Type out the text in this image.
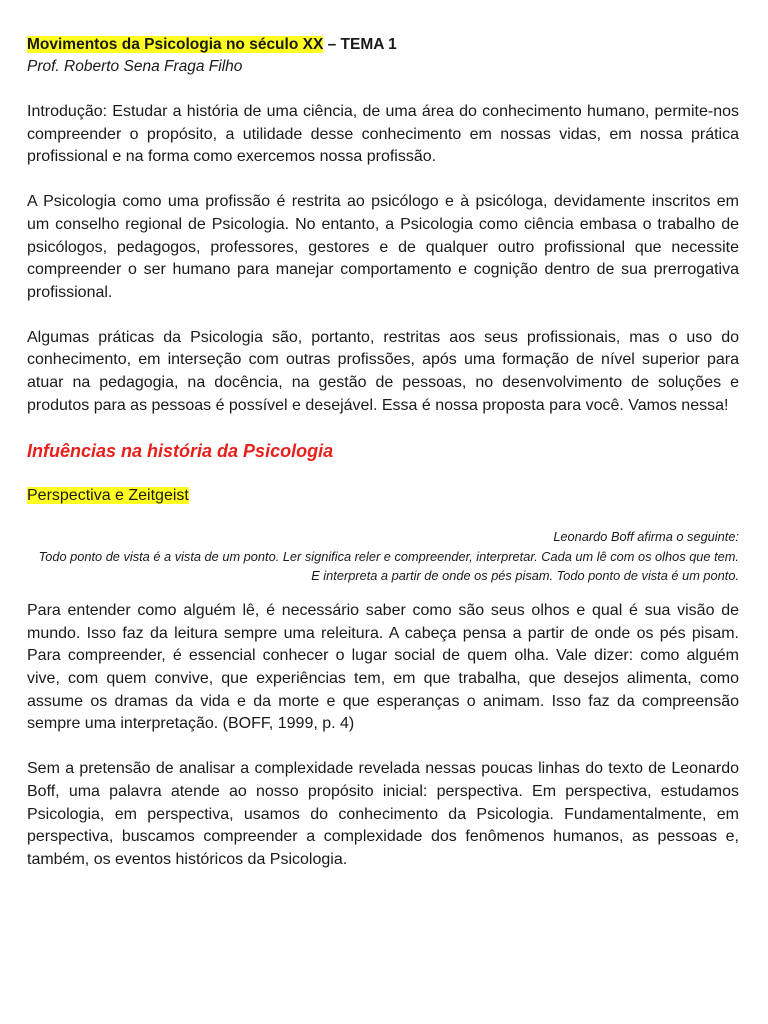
Movimentos da Psicologia no século XX – TEMA 1

Prof. Roberto Sena Fraga Filho

Introdução: Estudar a história de uma ciência, de uma área do conhecimento humano, permite-nos compreender o propósito, a utilidade desse conhecimento em nossas vidas, em nossa prática profissional e na forma como exercemos nossa profissão.

A Psicologia como uma profissão é restrita ao psicólogo e à psicóloga, devidamente inscritos em um conselho regional de Psicologia. No entanto, a Psicologia como ciência embasa o trabalho de psicólogos, pedagogos, professores, gestores e de qualquer outro profissional que necessite compreender o ser humano para manejar comportamento e cognição dentro de sua prerrogativa profissional.

Algumas práticas da Psicologia são, portanto, restritas aos seus profissionais, mas o uso do conhecimento, em interseção com outras profissões, após uma formação de nível superior para atuar na pedagogia, na docência, na gestão de pessoas, no desenvolvimento de soluções e produtos para as pessoas é possível e desejável. Essa é nossa proposta para você. Vamos nessa!

Infuências na história da Psicologia

Perspectiva e Zeitgeist

Leonardo Boff afirma o seguinte:

Todo ponto de vista é a vista de um ponto. Ler significa reler e compreender, interpretar. Cada um lê com os olhos que tem. E interpreta a partir de onde os pés pisam. Todo ponto de vista é um ponto.

Para entender como alguém lê, é necessário saber como são seus olhos e qual é sua visão de mundo. Isso faz da leitura sempre uma releitura. A cabeça pensa a partir de onde os pés pisam. Para compreender, é essencial conhecer o lugar social de quem olha. Vale dizer: como alguém vive, com quem convive, que experiências tem, em que trabalha, que desejos alimenta, como assume os dramas da vida e da morte e que esperanças o animam. Isso faz da compreensão sempre uma interpretação. (BOFF, 1999, p. 4)

Sem a pretensão de analisar a complexidade revelada nessas poucas linhas do texto de Leonardo Boff, uma palavra atende ao nosso propósito inicial: perspectiva. Em perspectiva, estudamos Psicologia, em perspectiva, usamos do conhecimento da Psicologia. Fundamentalmente, em perspectiva, buscamos compreender a complexidade dos fenômenos humanos, as pessoas e, também, os eventos históricos da Psicologia.
